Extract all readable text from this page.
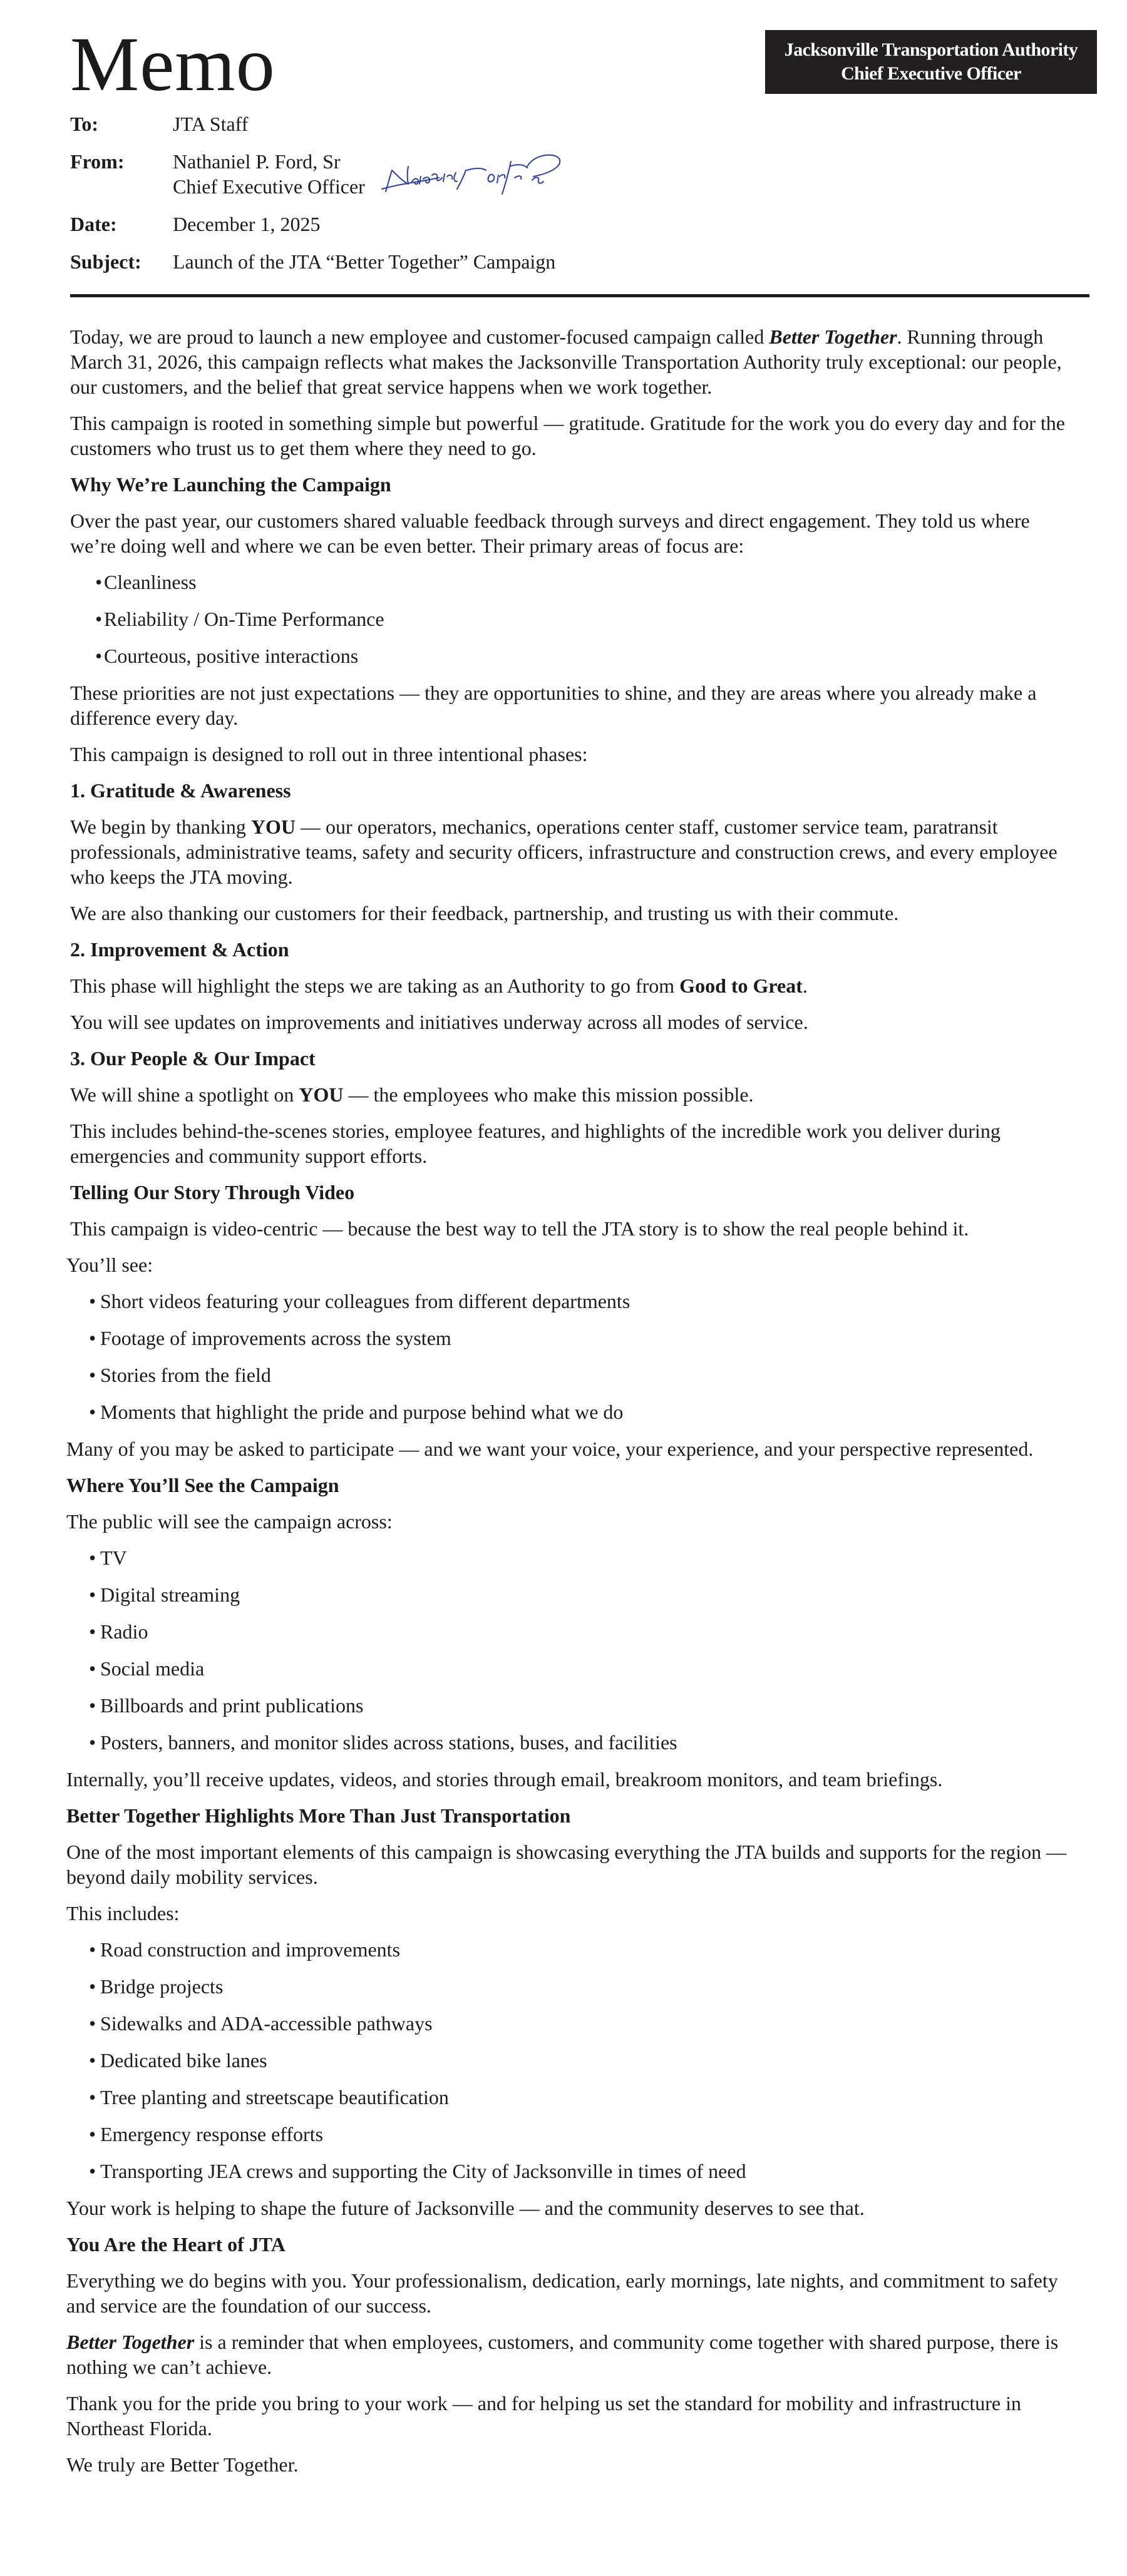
Memo	Jacksonville Transportation Authority
Chief Executive Officer
To:	JTA Staff
From: Nathaniel P. Ford, Sr
Chief Executive Officer
Date:	December 1, 2025
Subject: Launch of the JTA “Better Together” Campaign

Today, we are proud to launch a new employee and customer-focused campaign called Better Together. Running through March 31, 2026, this campaign reflects what makes the Jacksonville Transportation Authority truly exceptional: our people, our customers, and the belief that great service happens when we work together.

This campaign is rooted in something simple but powerful — gratitude. Gratitude for the work you do every day and for the customers who trust us to get them where they need to go.

Why We’re Launching the Campaign

Over the past year, our customers shared valuable feedback through surveys and direct engagement. They told us where we’re doing well and where we can be even better. Their primary areas of focus are:

• Cleanliness
• Reliability / On-Time Performance
• Courteous, positive interactions

These priorities are not just expectations — they are opportunities to shine, and they are areas where you already make a difference every day.

This campaign is designed to roll out in three intentional phases:

1. Gratitude & Awareness

We begin by thanking YOU — our operators, mechanics, operations center staff, customer service team, paratransit professionals, administrative teams, safety and security officers, infrastructure and construction crews, and every employee who keeps the JTA moving.

We are also thanking our customers for their feedback, partnership, and trusting us with their commute.

2. Improvement & Action

This phase will highlight the steps we are taking as an Authority to go from Good to Great.

You will see updates on improvements and initiatives underway across all modes of service.

3. Our People & Our Impact

We will shine a spotlight on YOU — the employees who make this mission possible.

This includes behind-the-scenes stories, employee features, and highlights of the incredible work you deliver during emergencies and community support efforts.

Telling Our Story Through Video

This campaign is video-centric — because the best way to tell the JTA story is to show the real people behind it.

You’ll see:

• Short videos featuring your colleagues from different departments
• Footage of improvements across the system
• Stories from the field
• Moments that highlight the pride and purpose behind what we do

Many of you may be asked to participate — and we want your voice, your experience, and your perspective represented.

Where You’ll See the Campaign

The public will see the campaign across:

• TV
• Digital streaming
• Radio
• Social media
• Billboards and print publications
• Posters, banners, and monitor slides across stations, buses, and facilities

Internally, you’ll receive updates, videos, and stories through email, breakroom monitors, and team briefings.

Better Together Highlights More Than Just Transportation

One of the most important elements of this campaign is showcasing everything the JTA builds and supports for the region — beyond daily mobility services.

This includes:

• Road construction and improvements
• Bridge projects
• Sidewalks and ADA-accessible pathways
• Dedicated bike lanes
• Tree planting and streetscape beautification
• Emergency response efforts
• Transporting JEA crews and supporting the City of Jacksonville in times of need

Your work is helping to shape the future of Jacksonville — and the community deserves to see that.

You Are the Heart of JTA

Everything we do begins with you. Your professionalism, dedication, early mornings, late nights, and commitment to safety and service are the foundation of our success.

Better Together is a reminder that when employees, customers, and community come together with shared purpose, there is nothing we can’t achieve.

Thank you for the pride you bring to your work — and for helping us set the standard for mobility and infrastructure in Northeast Florida.

We truly are Better Together.
